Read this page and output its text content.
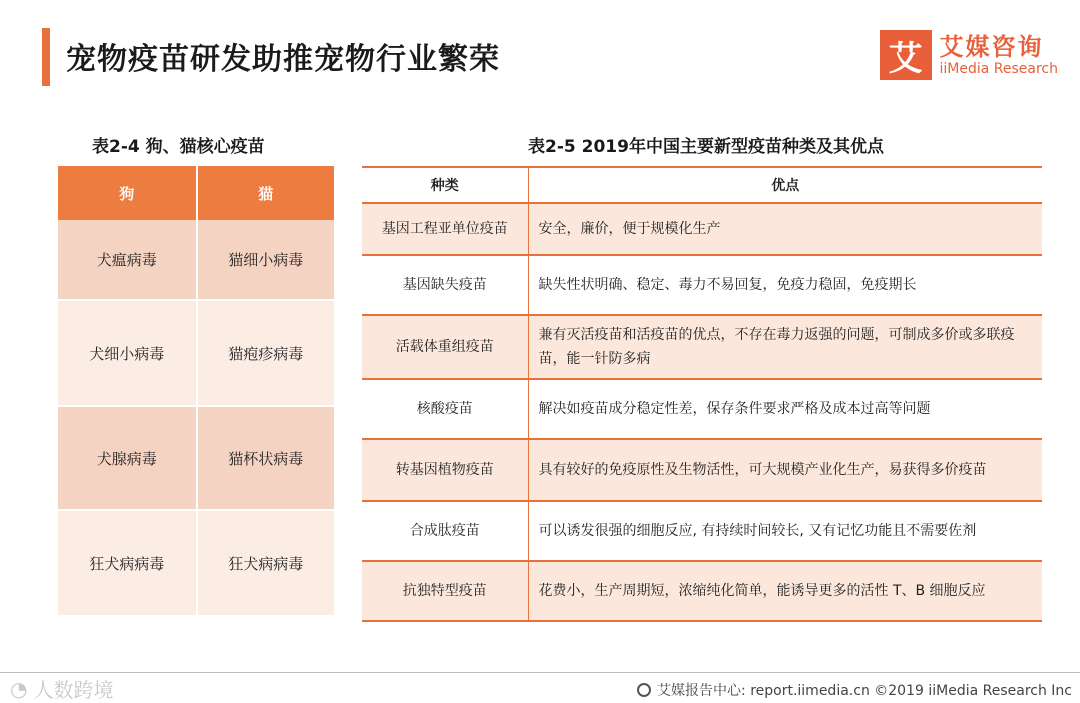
宠物疫苗研发助推宠物行业繁荣	艾 艾媒咨询
iiMedia Research
表2-4 狗、猫核心疫苗	表2-5 2019年中国主要新型疫苗种类及其优点
狗	猫
犬瘟病毒	猫细小病毒
犬细小病毒	猫疱疹病毒
犬腺病毒	猫杯状病毒
狂犬病病毒	狂犬病病毒
种类	优点
基因工程亚单位疫苗	安全，廉价，便于规模化生产
基因缺失疫苗	缺失性状明确、稳定、毒力不易回复，免疫力稳固，免疫期长
活载体重组疫苗	兼有灭活疫苗和活疫苗的优点，不存在毒力返强的问题，可制成多价或多联疫苗，能一针防多病
核酸疫苗	解决如疫苗成分稳定性差，保存条件要求严格及成本过高等问题
转基因植物疫苗	具有较好的免疫原性及生物活性，可大规模产业化生产，易获得多价疫苗
合成肽疫苗	可以诱发很强的细胞反应, 有持续时间较长, 又有记忆功能且不需要佐剂
抗独特型疫苗	花费小，生产周期短，浓缩纯化简单，能诱导更多的活性 T、B 细胞反应
◔ 人数跨境	艾媒报告中心: report.iimedia.cn ©2019 iiMedia Research Inc
